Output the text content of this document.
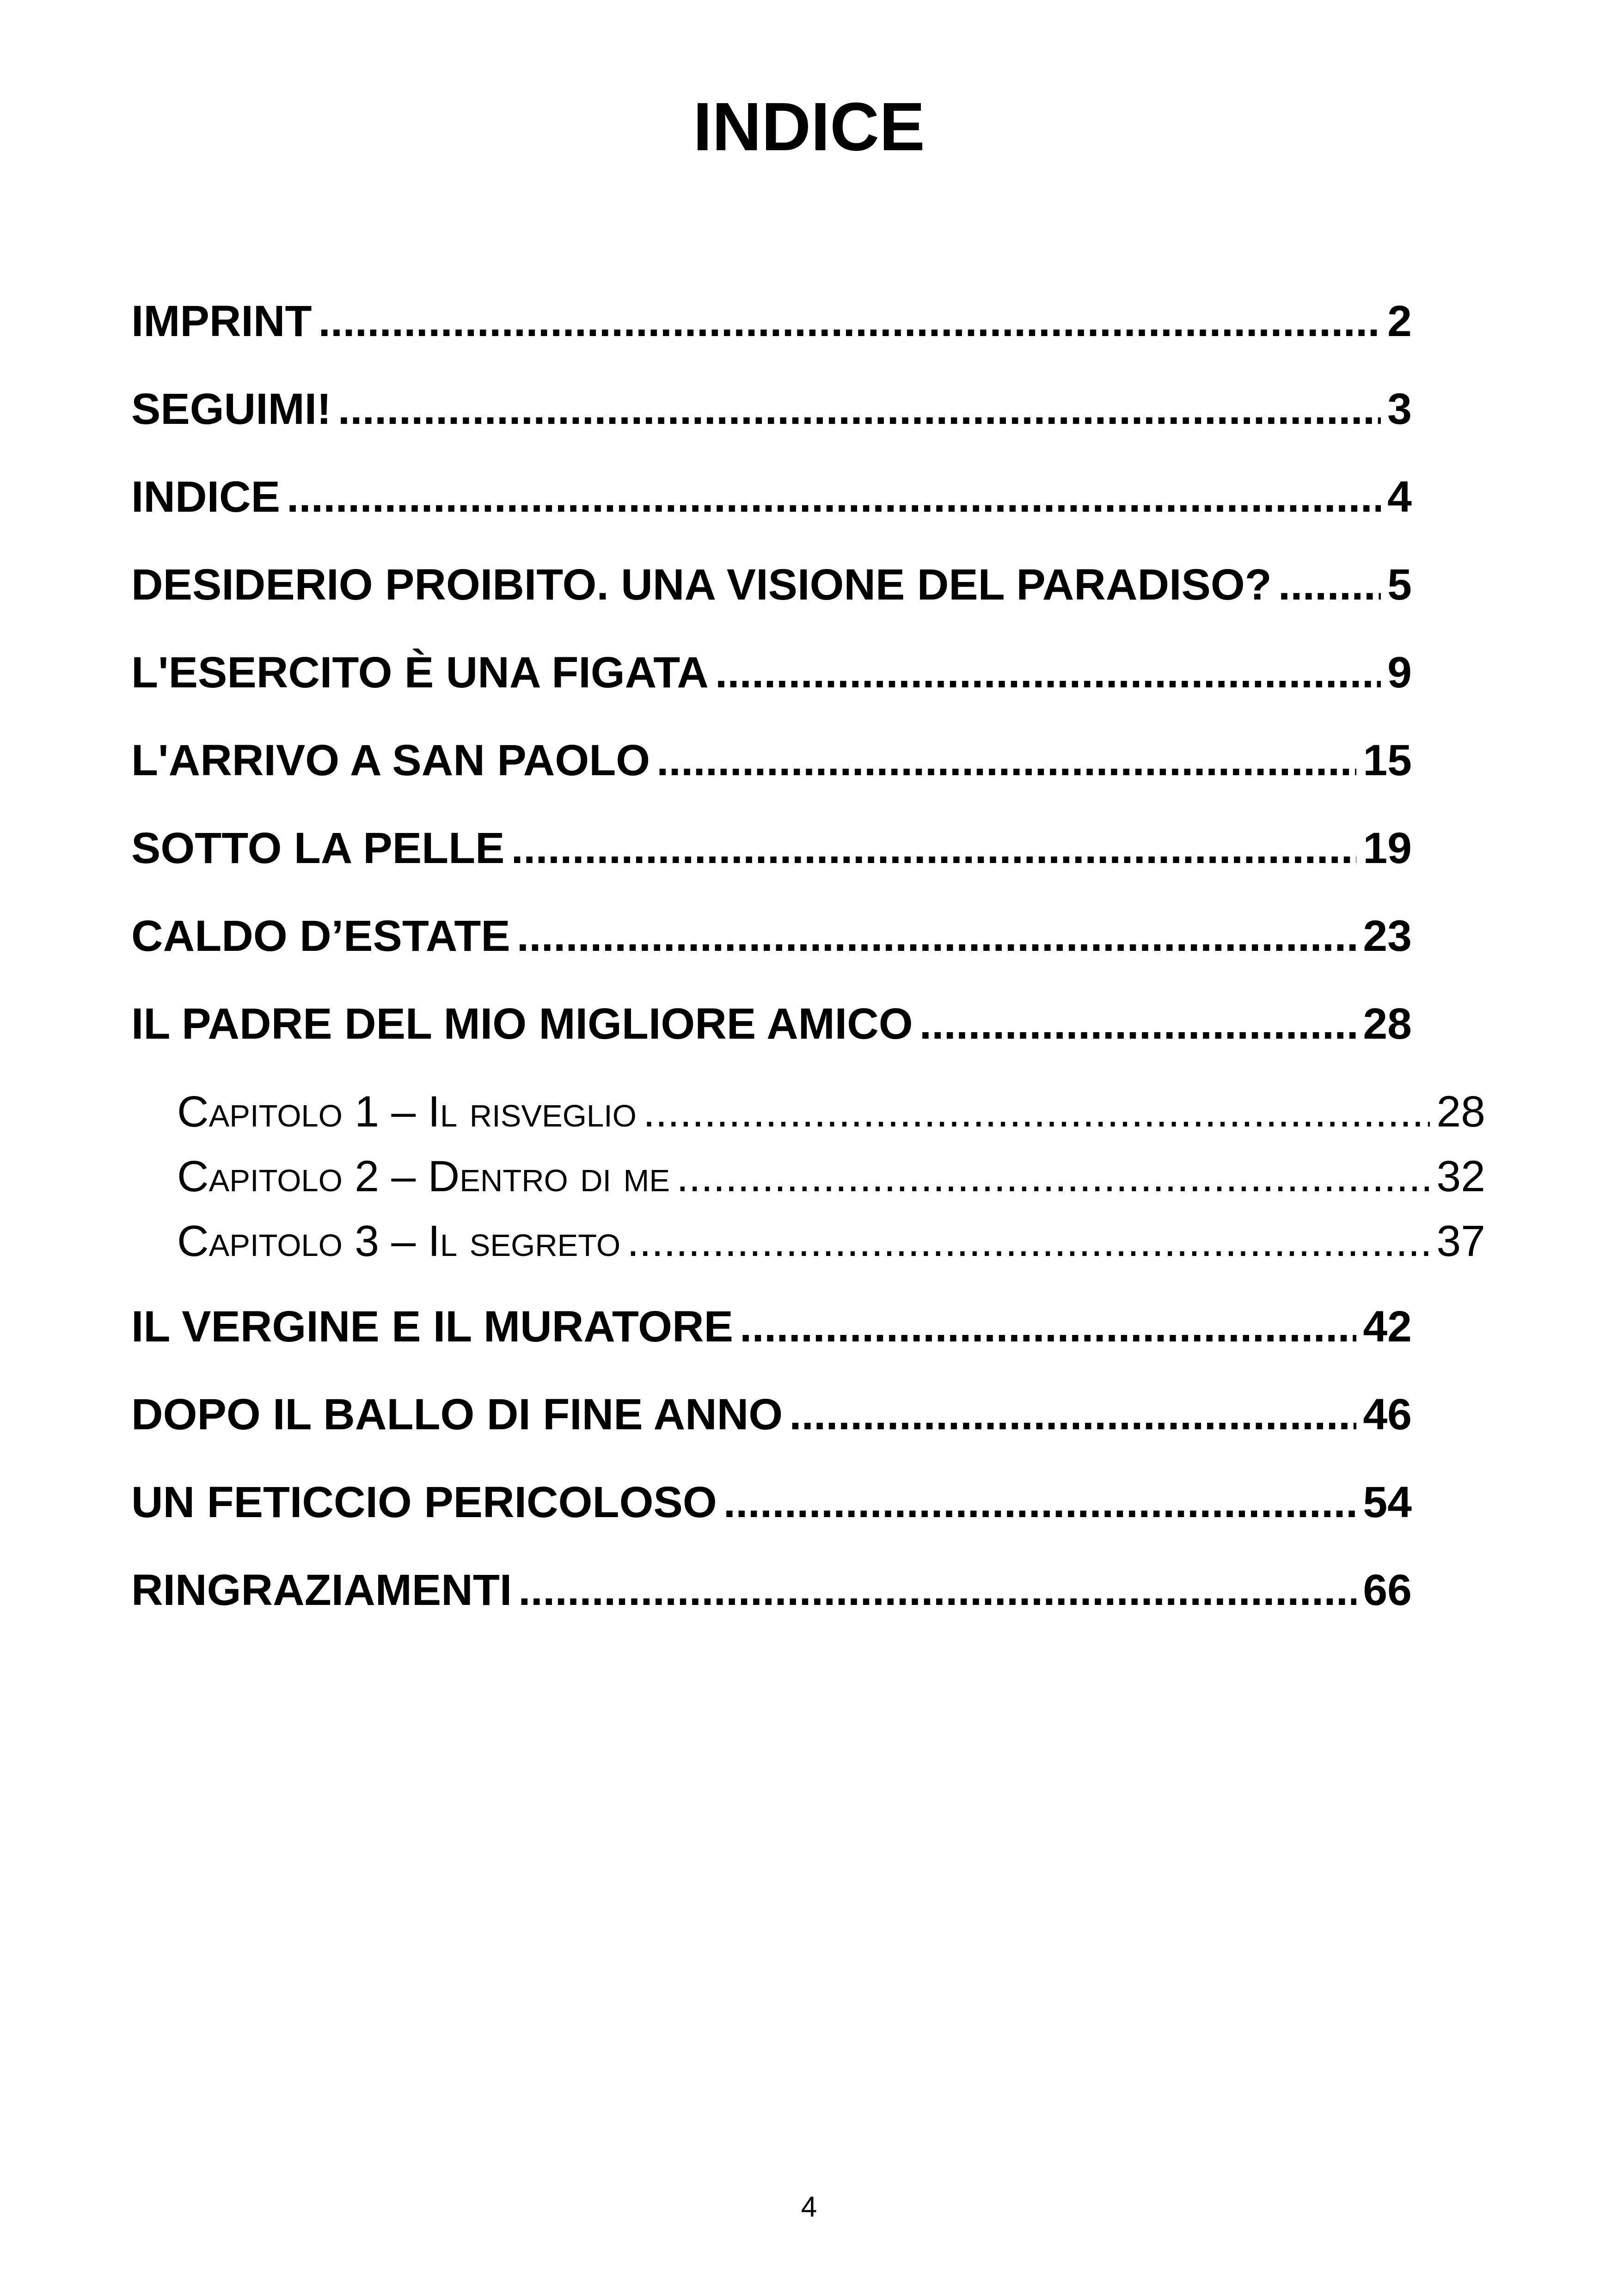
INDICE
IMPRINT .....	2
SEGUIMI! .....	3
INDICE .....	4
DESIDERIO PROIBITO. UNA VISIONE DEL PARADISO? .....	5
L'ESERCITO È UNA FIGATA .....	9
L'ARRIVO A SAN PAOLO .....	15
SOTTO LA PELLE .....	19
CALDO D’ESTATE .....	23
IL PADRE DEL MIO MIGLIORE AMICO .....	28
Capitolo 1 – Il risveglio .....	28
Capitolo 2 – Dentro di me .....	32
Capitolo 3 – Il segreto .....	37
IL VERGINE E IL MURATORE .....	42
DOPO IL BALLO DI FINE ANNO .....	46
UN FETICCIO PERICOLOSO .....	54
RINGRAZIAMENTI .....	66
4
